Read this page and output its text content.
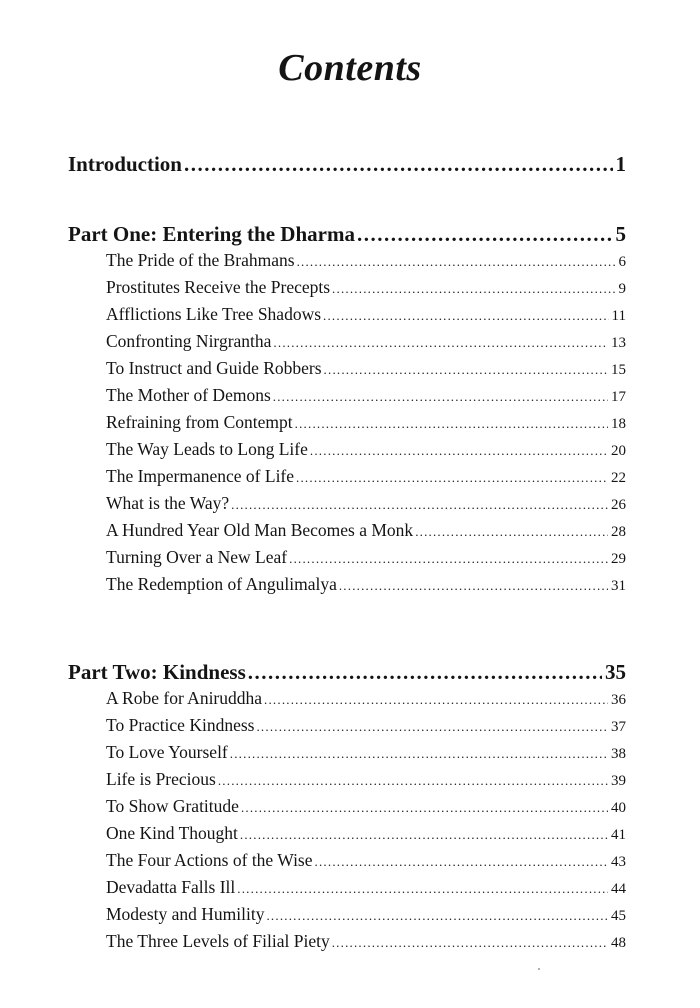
Contents
Introduction .....	1
Part One: Entering the Dharma .....	5
The Pride of the Brahmans .....	6
Prostitutes Receive the Precepts .....	9
Afflictions Like Tree Shadows .....	11
Confronting Nirgrantha .....	13
To Instruct and Guide Robbers .....	15
The Mother of Demons .....	17
Refraining from Contempt .....	18
The Way Leads to Long Life .....	20
The Impermanence of Life .....	22
What is the Way? .....	26
A Hundred Year Old Man Becomes a Monk .....	28
Turning Over a New Leaf .....	29
The Redemption of Angulimalya .....	31
Part Two: Kindness .....	35
A Robe for Aniruddha .....	36
To Practice Kindness .....	37
To Love Yourself .....	38
Life is Precious .....	39
To Show Gratitude .....	40
One Kind Thought .....	41
The Four Actions of the Wise .....	43
Devadatta Falls Ill .....	44
Modesty and Humility .....	45
The Three Levels of Filial Piety .....	48
